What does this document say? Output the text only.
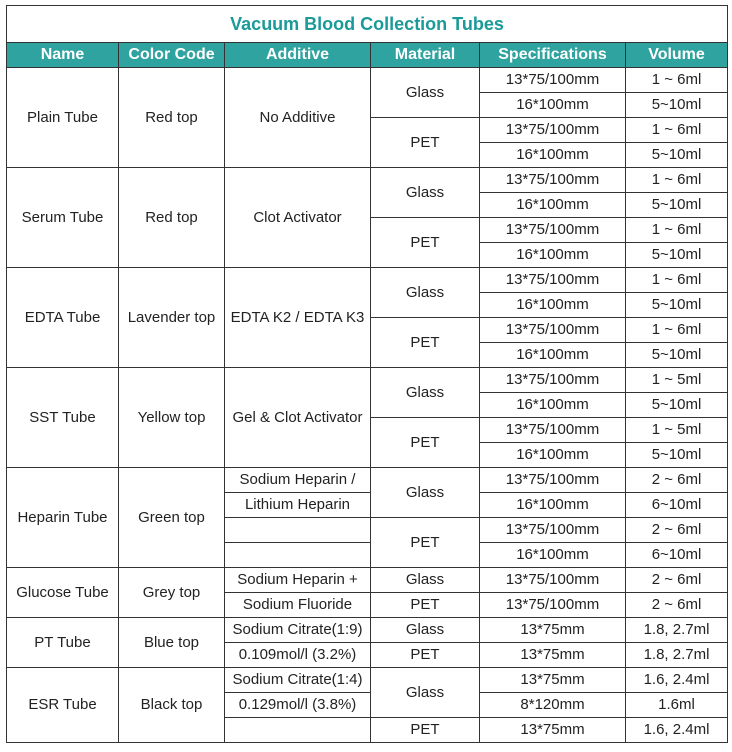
Vacuum Blood Collection Tubes					
Name	Color Code	Additive	Material	Specifications	Volume
Plain Tube	Red top	No Additive	Glass	13*75/100mm	1 ~ 6ml
				16*100mm	5~10ml
			PET	13*75/100mm	1 ~ 6ml
				16*100mm	5~10ml
Serum Tube	Red top	Clot Activator	Glass	13*75/100mm	1 ~ 6ml
				16*100mm	5~10ml
			PET	13*75/100mm	1 ~ 6ml
				16*100mm	5~10ml
EDTA Tube	Lavender top	EDTA K2 / EDTA K3	Glass	13*75/100mm	1 ~ 6ml
				16*100mm	5~10ml
			PET	13*75/100mm	1 ~ 6ml
				16*100mm	5~10ml
SST Tube	Yellow top	Gel & Clot Activator	Glass	13*75/100mm	1 ~ 5ml
				16*100mm	5~10ml
			PET	13*75/100mm	1 ~ 5ml
				16*100mm	5~10ml
Heparin Tube	Green top	Sodium Heparin /	Glass	13*75/100mm	2 ~ 6ml
		Lithium Heparin		16*100mm	6~10ml
			PET	13*75/100mm	2 ~ 6ml
				16*100mm	6~10ml
Glucose Tube	Grey top	Sodium Heparin +	Glass	13*75/100mm	2 ~ 6ml
		Sodium Fluoride	PET	13*75/100mm	2 ~ 6ml
PT Tube	Blue top	Sodium Citrate(1:9)	Glass	13*75mm	1.8, 2.7ml
		0.109mol/l (3.2%)	PET	13*75mm	1.8, 2.7ml
ESR Tube	Black top	Sodium Citrate(1:4)	Glass	13*75mm	1.6, 2.4ml
		0.129mol/l (3.8%)		8*120mm	1.6ml
			PET	13*75mm	1.6, 2.4ml
